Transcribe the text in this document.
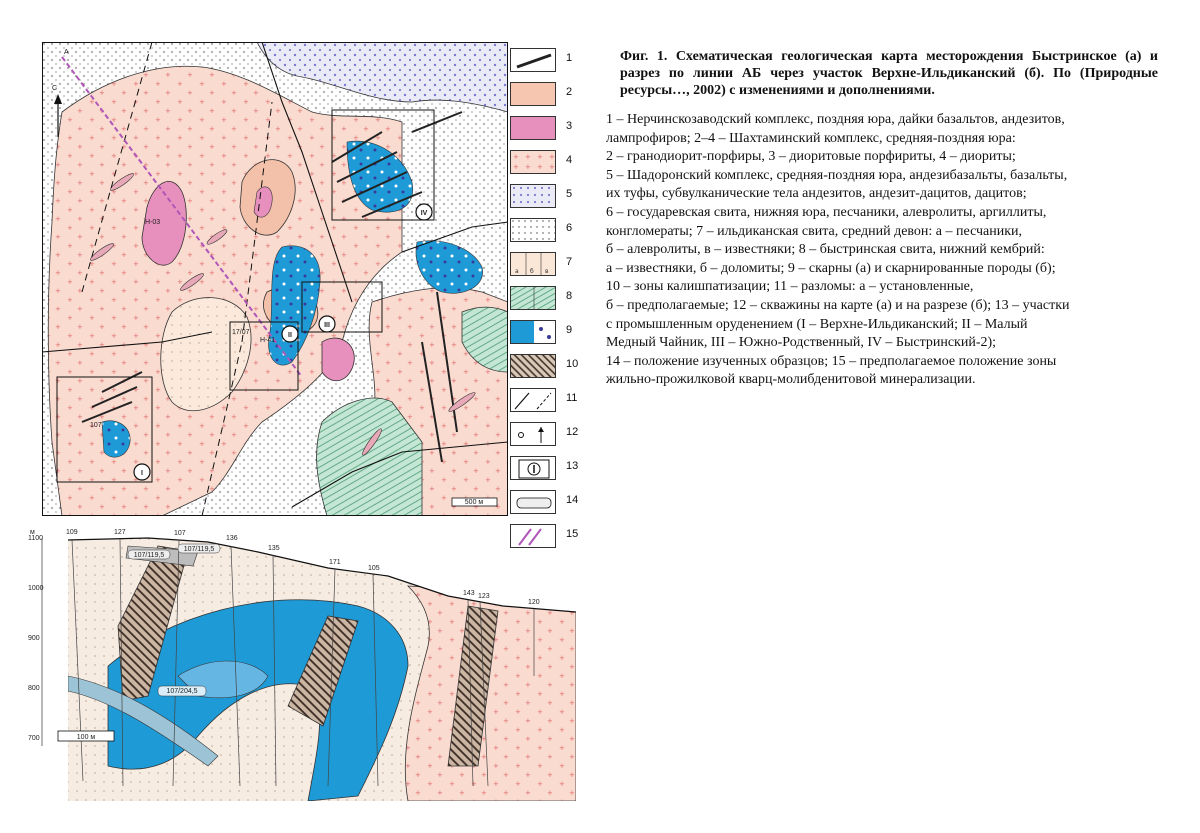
IV
II
III
I
А
С
Н-03
Н-41
17/07
107
500 м
1
2
3
4
5
6
a б в
7
8
9
10
11
12
13
14
15

Фиг. 1. Схематическая геологическая карта месторождения Быстринское (а) и разрез по линии АБ через участок Верхне-Ильдиканский (б). По (Природные ресурсы…, 2002) с изменениями и дополнениями.

1 – Нерчинскозаводский комплекс, поздняя юра, дайки базальтов, андезитов,
лампрофиров; 2–4 – Шахтаминский комплекс, средняя-поздняя юра:
2 – гранодиорит-порфиры, 3 – диоритовые порфириты, 4 – диориты;
5 – Шадоронский комплекс, средняя-поздняя юра, андезибазальты, базальты,
их туфы, субвулканические тела андезитов, андезит-дацитов, дацитов;
6 – государевская свита, нижняя юра, песчаники, алевролиты, аргиллиты,
конгломераты; 7 – ильдиканская свита, средний девон: а – песчаники,
б – алевролиты, в – известняки; 8 – быстринская свита, нижний кембрий:
а – известняки, б – доломиты; 9 – скарны (а) и скарнированные породы (б);
10 – зоны калишпатизации; 11 – разломы: а – установленные,
б – предполагаемые; 12 – скважины на карте (а) и на разрезе (б); 13 – участки
с промышленным оруденением (I – Верхне-Ильдиканский; II – Малый
Медный Чайник, III – Южно-Родственный, IV – Быстринский-2);
14 – положение изученных образцов; 15 – предполагаемое положение зоны
жильно-прожилковой кварц-молибденитовой минерализации.
м
1100
1000
900
800
700
109	127	107
136
135
171
105
143 123
120
107/204,5
107/119,5
107/119,5
100 м
